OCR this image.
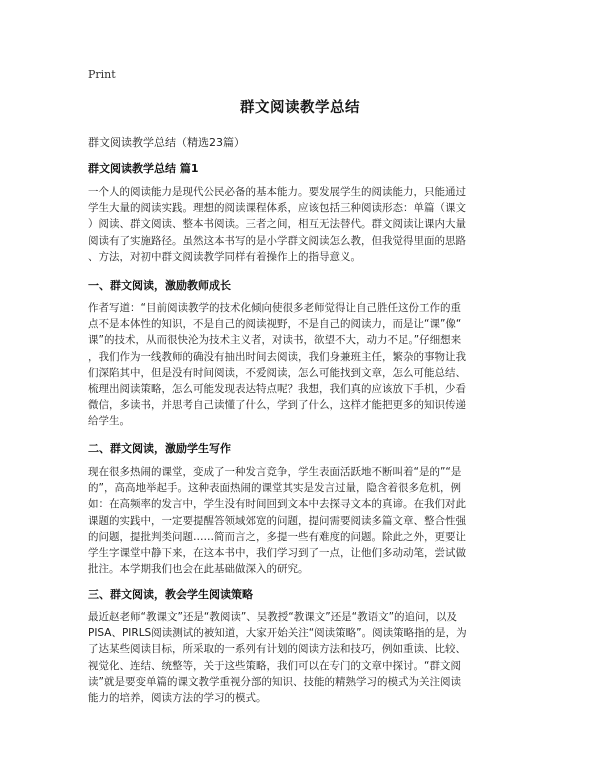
Print
群文阅读教学总结
群文阅读教学总结（精选23篇）
群文阅读教学总结 篇1
一个人的阅读能力是现代公民必备的基本能力。要发展学生的阅读能力，只能通过
学生大量的阅读实践。理想的阅读课程体系，应该包括三种阅读形态：单篇（课文
）阅读、群文阅读、整本书阅读。三者之间，相互无法替代。群文阅读让课内大量
阅读有了实施路径。虽然这本书写的是小学群文阅读怎么教，但我觉得里面的思路
、方法，对初中群文阅读教学同样有着操作上的指导意义。
一、群文阅读，激励教师成长
作者写道：“目前阅读教学的技术化倾向使很多老师觉得让自己胜任这份工作的重
点不是本体性的知识，不是自己的阅读视野，不是自己的阅读力，而是让“课”像“
课”的技术，从而很快沦为技术主义者，对读书，欲望不大，动力不足。”仔细想来
，我们作为一线教师的确没有抽出时间去阅读，我们身兼班主任，繁杂的事物让我
们深陷其中，但是没有时间阅读，不爱阅读，怎么可能找到文章，怎么可能总结、
梳理出阅读策略，怎么可能发现表达特点呢？我想，我们真的应该放下手机，少看
微信，多读书，并思考自己读懂了什么，学到了什么，这样才能把更多的知识传递
给学生。
二、群文阅读，激励学生写作
现在很多热闹的课堂，变成了一种发言竞争，学生表面活跃地不断叫着“是的”“是
的”，高高地举起手。这种表面热闹的课堂其实是发言过量，隐含着很多危机，例
如：在高频率的发言中，学生没有时间回到文本中去探寻文本的真谛。在我们对此
课题的实践中，一定要提醒答领域郊宽的问题，提问需要阅读多篇文章、整合性强
的问题，提批判类问题……简而言之，多提一些有难度的问题。除此之外，更要让
学生字课堂中静下来，在这本书中，我们学习到了一点，让他们多动动笔，尝试做
批注。本学期我们也会在此基础做深入的研究。
三、群文阅读，教会学生阅读策略
最近赵老师“教课文”还是“教阅读”、吴教授“教课文”还是“教语文”的追问，以及
PISA、PIRLS阅读测试的被知道，大家开始关注“阅读策略”。阅读策略指的是，为
了达某些阅读目标，所采取的一系列有计划的阅读方法和技巧，例如重读、比较、
视觉化、连结、统整等，关于这些策略，我们可以在专门的文章中探讨。“群文阅
读”就是要变单篇的课文教学重视分部的知识、技能的精熟学习的模式为关注阅读
能力的培养，阅读方法的学习的模式。
